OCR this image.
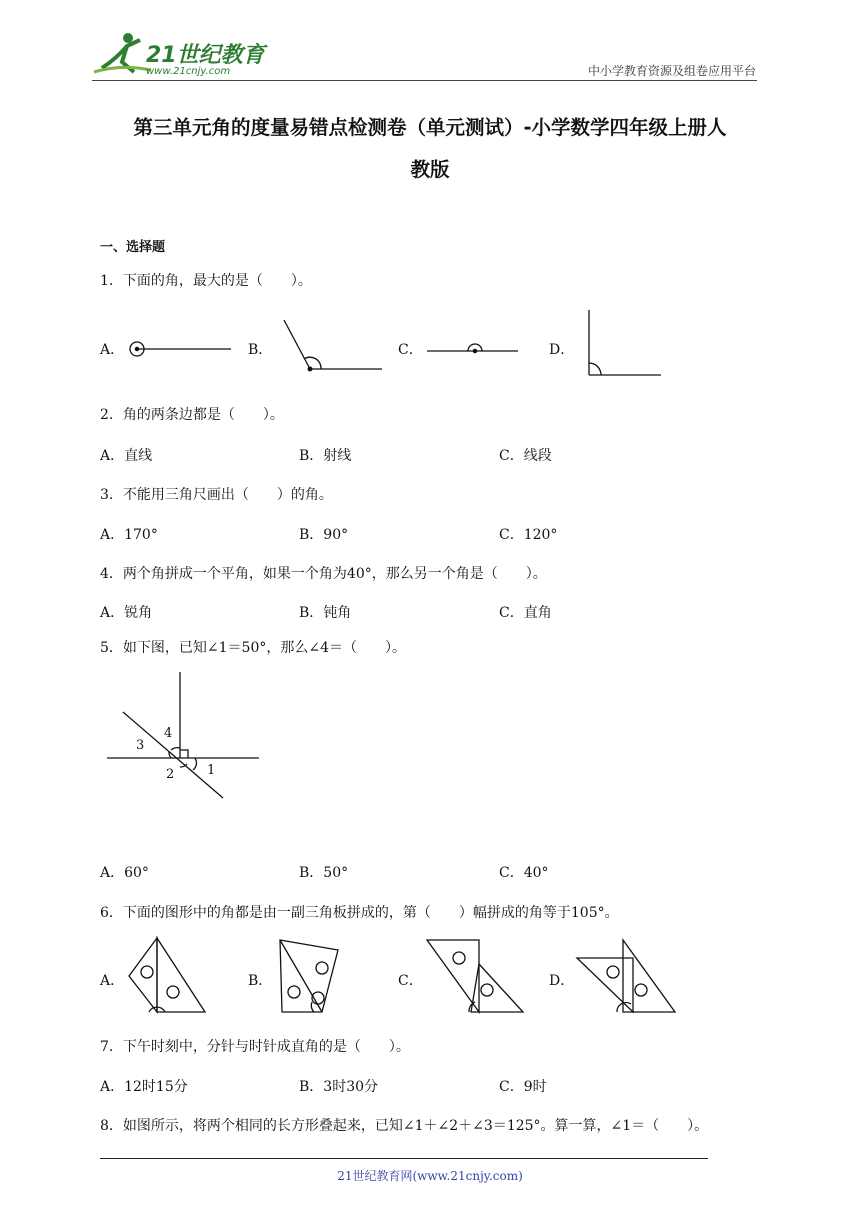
21世纪教育
www.21cnjy.com	中小学教育资源及组卷应用平台
第三单元角的度量易错点检测卷（单元测试）-小学数学四年级上册人
教版
一、选择题
1．下面的角，最大的是（　　）。
A．	B．	C．	D．
2．角的两条边都是（　　）。
A．直线	B．射线	C．线段
3．不能用三角尺画出（　　）的角。
A．170°	B．90°	C．120°
4．两个角拼成一个平角，如果一个角为40°，那么另一个角是（　　）。
A．锐角	B．钝角	C．直角
5．如下图，已知∠1＝50°，那么∠4＝（　　）。
4
3
2	1
A．60°	B．50°	C．40°
6．下面的图形中的角都是由一副三角板拼成的，第（　　）幅拼成的角等于105°。
A．	B．	C．	D．
7．下午时刻中，分针与时针成直角的是（　　）。
A．12时15分	B．3时30分	C．9时
8．如图所示，将两个相同的长方形叠起来，已知∠1＋∠2＋∠3＝125°。算一算，∠1＝（　　）。
21世纪教育网(www.21cnjy.com)
